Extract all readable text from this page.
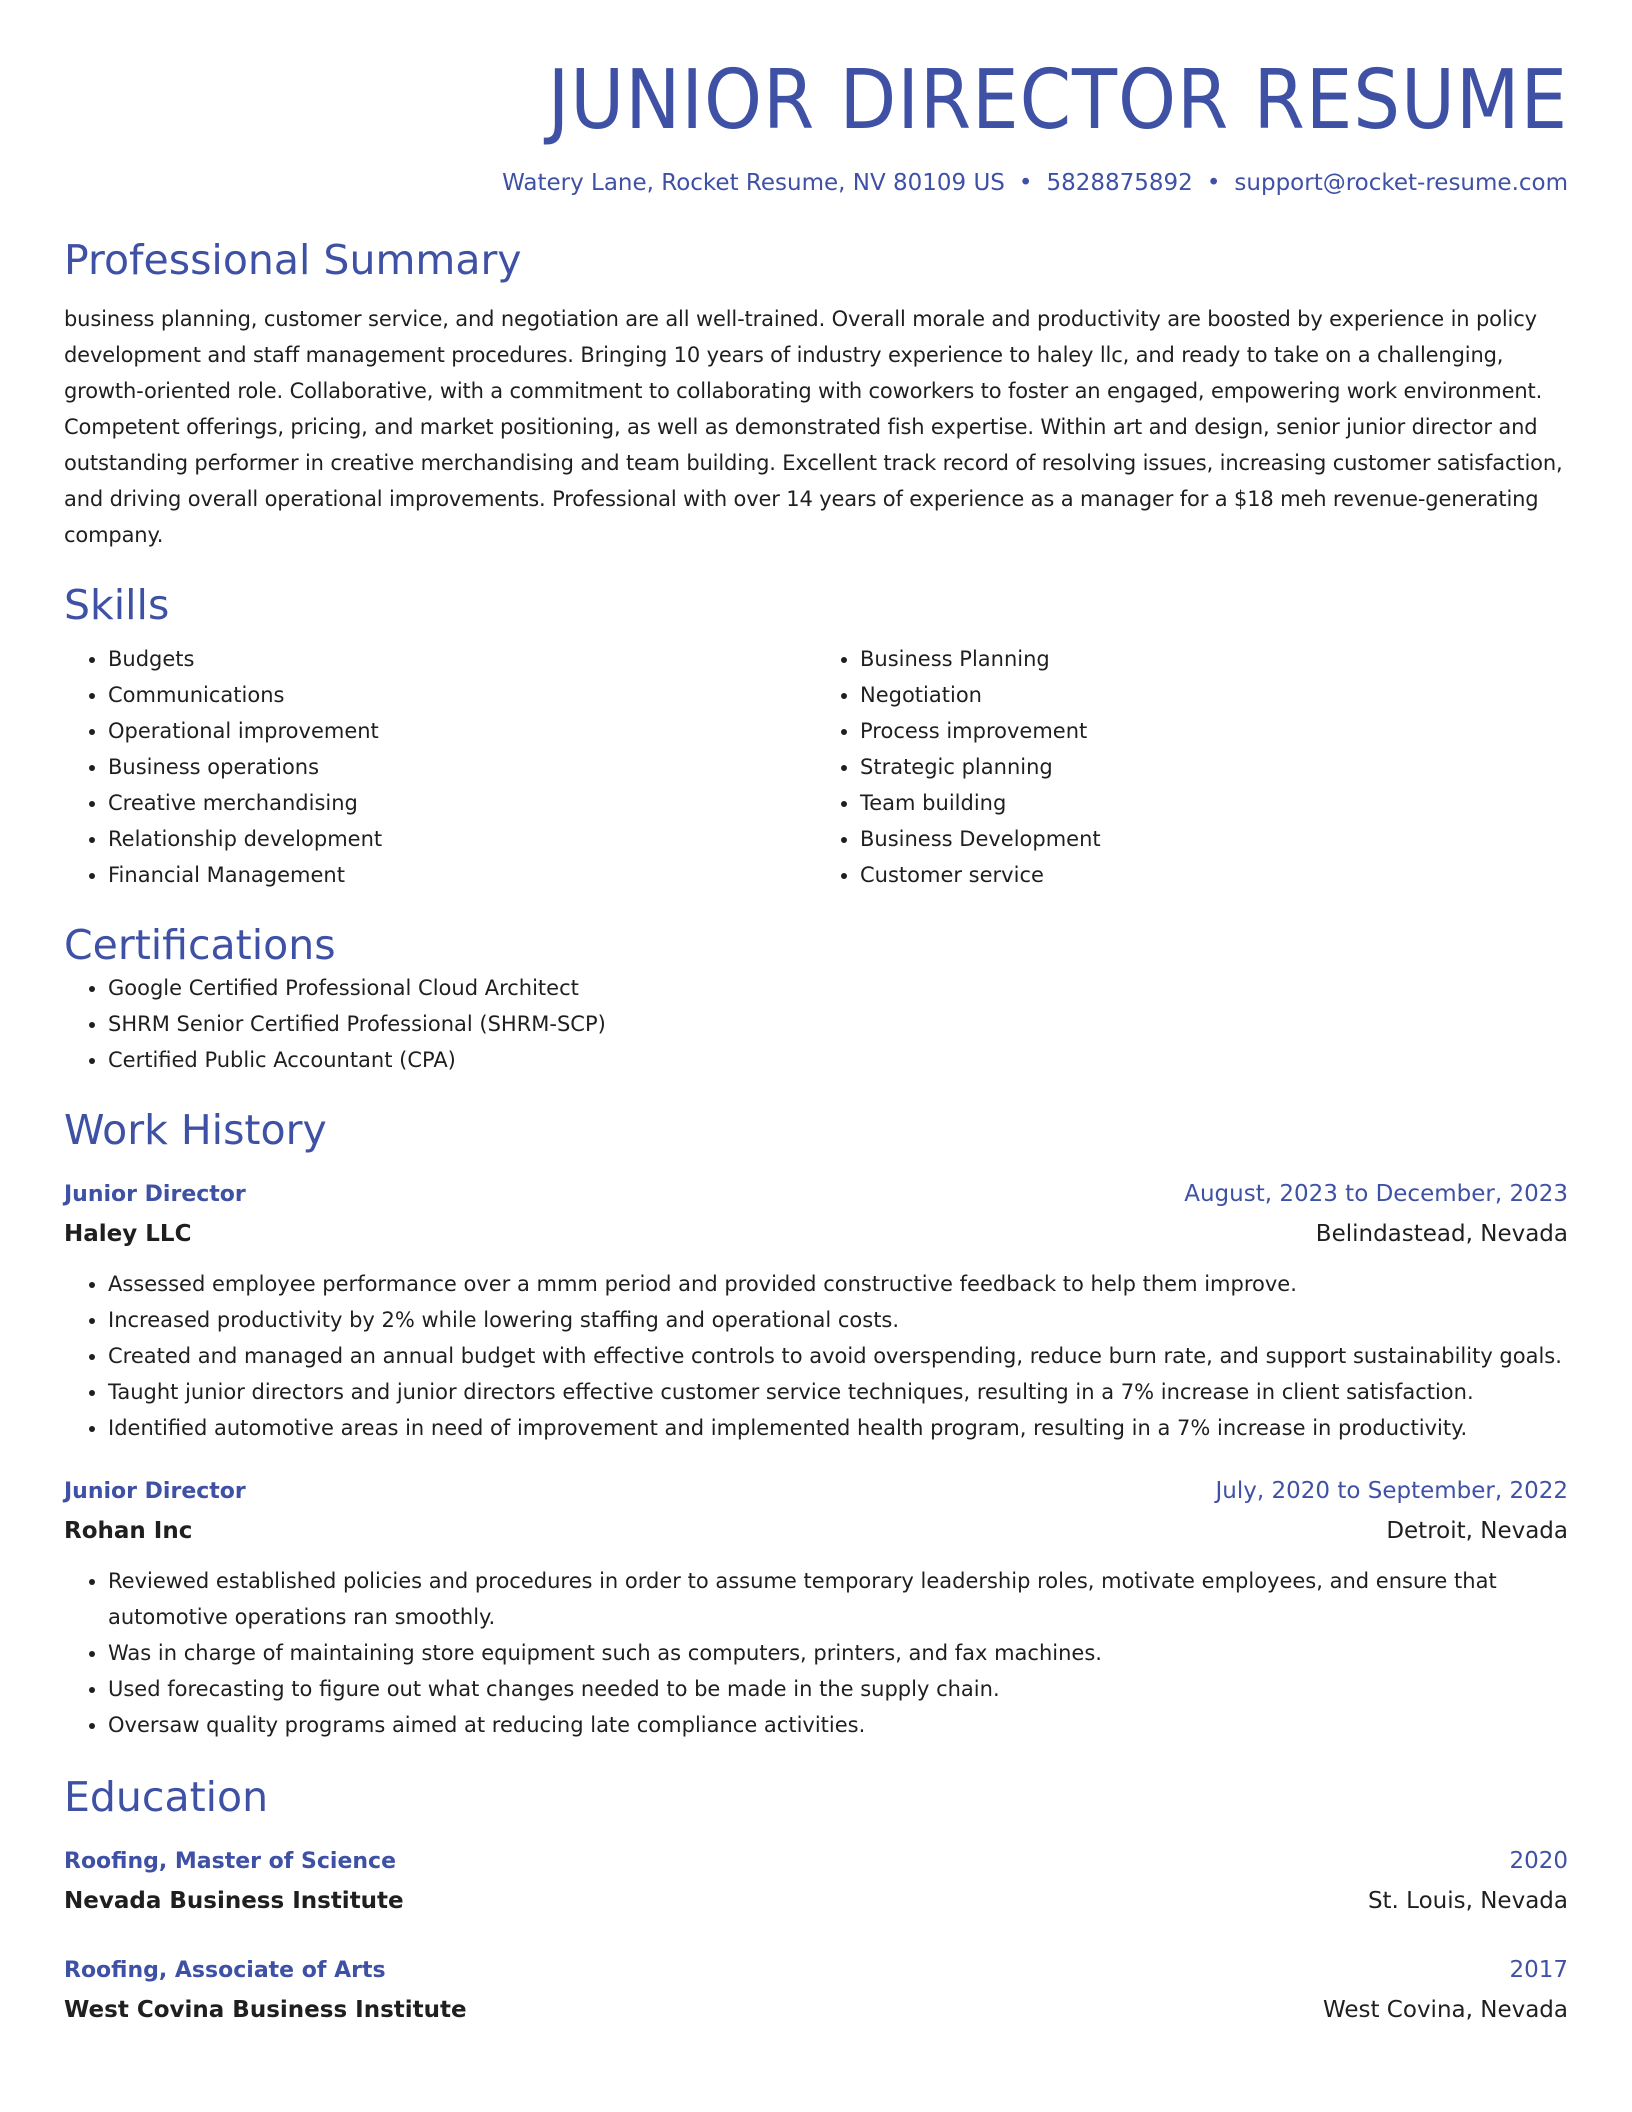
JUNIOR DIRECTOR RESUME
Watery Lane, Rocket Resume, NV 80109 US • 5828875892 • support@rocket-resume.com
Professional Summary

business planning, customer service, and negotiation are all well-trained. Overall morale and productivity are boosted by experience in policy development and staff management procedures. Bringing 10 years of industry experience to haley llc, and ready to take on a challenging, growth-oriented role. Collaborative, with a commitment to collaborating with coworkers to foster an engaged, empowering work environment. Competent offerings, pricing, and market positioning, as well as demonstrated fish expertise. Within art and design, senior junior director and outstanding performer in creative merchandising and team building. Excellent track record of resolving issues, increasing customer satisfaction, and driving overall operational improvements. Professional with over 14 years of experience as a manager for a $18 meh revenue-generating company.

Skills
• Budgets
• Communications
• Operational improvement
• Business operations
• Creative merchandising
• Relationship development
• Financial Management
• Business Planning
• Negotiation
• Process improvement
• Strategic planning
• Team building
• Business Development
• Customer service
Certifications
• Google Certified Professional Cloud Architect
• SHRM Senior Certified Professional (SHRM-SCP)
• Certified Public Accountant (CPA)
Work History
Junior Director	August, 2023 to December, 2023
Haley LLC	Belindastead, Nevada
• Assessed employee performance over a mmm period and provided constructive feedback to help them improve.
• Increased productivity by 2% while lowering staffing and operational costs.
• Created and managed an annual budget with effective controls to avoid overspending, reduce burn rate, and support sustainability goals.
• Taught junior directors and junior directors effective customer service techniques, resulting in a 7% increase in client satisfaction.
• Identified automotive areas in need of improvement and implemented health program, resulting in a 7% increase in productivity.
Junior Director	July, 2020 to September, 2022
Rohan Inc	Detroit, Nevada
• Reviewed established policies and procedures in order to assume temporary leadership roles, motivate employees, and ensure that automotive operations ran smoothly.
• Was in charge of maintaining store equipment such as computers, printers, and fax machines.
• Used forecasting to figure out what changes needed to be made in the supply chain.
• Oversaw quality programs aimed at reducing late compliance activities.
Education
Roofing, Master of Science	2020
Nevada Business Institute	St. Louis, Nevada
Roofing, Associate of Arts	2017
West Covina Business Institute	West Covina, Nevada
